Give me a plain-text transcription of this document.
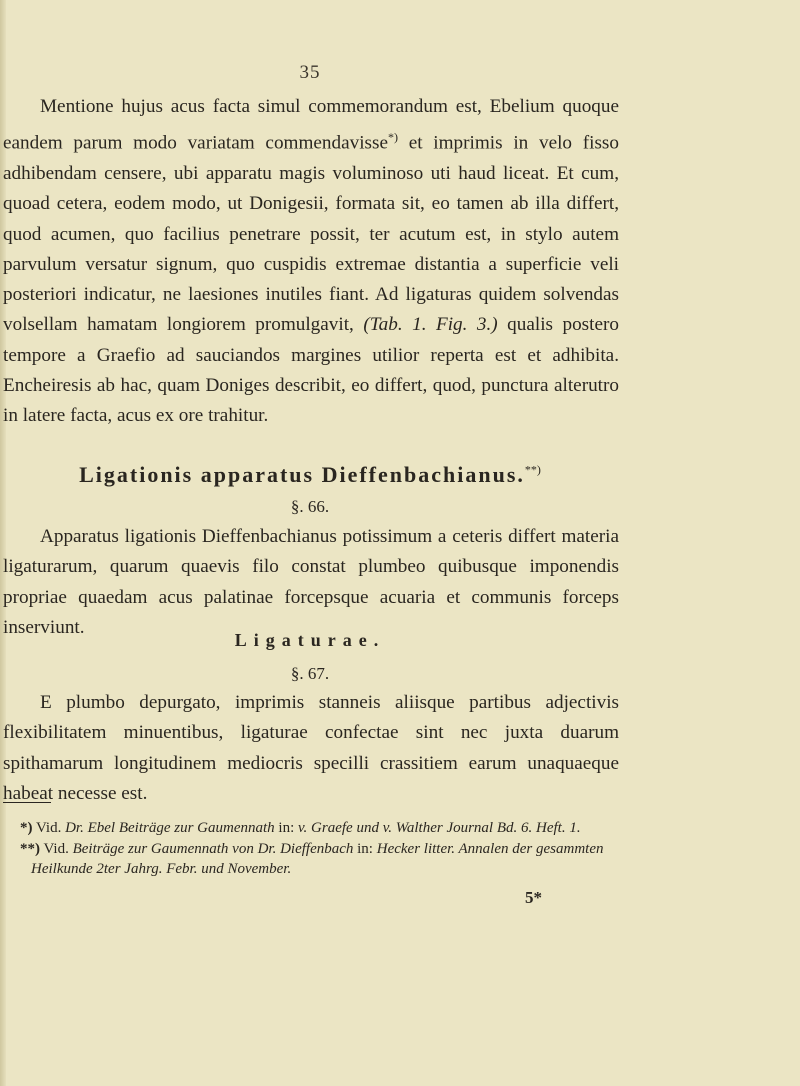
35

Mentione hujus acus facta simul commemorandum est, Ebelium quoque eandem parum modo variatam commendavisse*) et imprimis in velo fisso adhibendam censere, ubi apparatu magis voluminoso uti haud liceat. Et cum, quoad cetera, eodem modo, ut Donigesii, formata sit, eo tamen ab illa differt, quod acumen, quo facilius penetrare possit, ter acutum est, in stylo autem parvulum versatur signum, quo cuspidis extremae distantia a superficie veli posteriori indicatur, ne laesiones inutiles fiant. Ad ligaturas quidem solvendas volsellam hamatam longiorem promulgavit, (Tab. 1. Fig. 3.) qualis postero tempore a Graefio ad sauciandos margines utilior reperta est et adhibita. Encheiresis ab hac, quam Doniges describit, eo differt, quod, punctura alterutro in latere facta, acus ex ore trahitur.

Ligationis apparatus Dieffenbachianus.**)
§. 66.

Apparatus ligationis Dieffenbachianus potissimum a ceteris differt materia ligaturarum, quarum quaevis filo constat plumbeo quibusque imponendis propriae quaedam acus palatinae forcepsque acuaria et communis forceps inserviunt.

Ligaturae.
§. 67.

E plumbo depurgato, imprimis stanneis aliisque partibus adjectivis flexibilitatem minuentibus, ligaturae confectae sint nec juxta duarum spithamarum longitudinem mediocris specilli crassitiem earum unaquaeque habeat necesse est.

*) Vid. Dr. Ebel Beiträge zur Gaumennath in: v. Graefe und v. Walther Journal Bd. 6. Heft. 1.

**) Vid. Beiträge zur Gaumennath von Dr. Dieffenbach in: Hecker litter. Annalen der gesammten Heilkunde 2ter Jahrg. Febr. und November.

5*
